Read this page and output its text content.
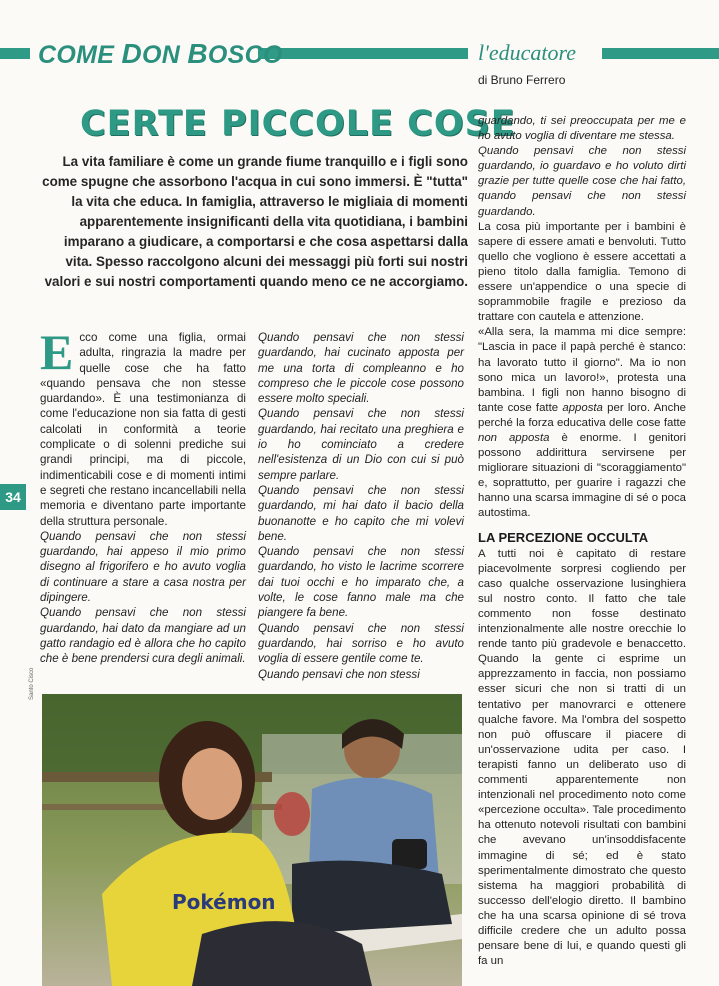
COME DON BOSCO	l'educatore
di Bruno Ferrero
CERTE PICCOLE COSE
La vita familiare è come un grande fiume tranquillo e i figli sono come spugne che assorbono l'acqua in cui sono immersi. È "tutta" la vita che educa. In famiglia, attraverso le migliaia di momenti apparentemente insignificanti della vita quotidiana, i bambini imparano a giudicare, a comportarsi e che cosa aspettarsi dalla vita. Spesso raccolgono alcuni dei messaggi più forti sui nostri valori e sui nostri comportamenti quando meno ce ne accorgiamo.
34
Santo Cisco
E cco come una figlia, ormai adulta, ringrazia la madre per quelle cose che ha fatto «quando pensava che non stesse guardando». È una testimonianza di come l'educazione non sia fatta di gesti calcolati in conformità a teorie complicate o di solenni prediche sui grandi principi, ma di piccole, indimenticabili cose e di momenti intimi e segreti che restano incancellabili nella memoria e diventano parte importante della struttura personale.

Quando pensavi che non stessi guardando, hai appeso il mio primo disegno al frigorifero e ho avuto voglia di continuare a stare a casa nostra per dipingere.

Quando pensavi che non stessi guardando, hai dato da mangiare ad un gatto randagio ed è allora che ho capito che è bene prendersi cura degli animali.

Quando pensavi che non stessi guardando, hai cucinato apposta per me una torta di compleanno e ho compreso che le piccole cose possono essere molto speciali.

Quando pensavi che non stessi guardando, hai recitato una preghiera e io ho cominciato a credere nell'esistenza di un Dio con cui si può sempre parlare.

Quando pensavi che non stessi guardando, mi hai dato il bacio della buonanotte e ho capito che mi volevi bene.

Quando pensavi che non stessi guardando, ho visto le lacrime scorrere dai tuoi occhi e ho imparato che, a volte, le cose fanno male ma che piangere fa bene.

Quando pensavi che non stessi guardando, hai sorriso e ho avuto voglia di essere gentile come te.

Quando pensavi che non stessi

guardando, ti sei preoccupata per me e ho avuto voglia di diventare me stessa.

Quando pensavi che non stessi guardando, io guardavo e ho voluto dirti grazie per tutte quelle cose che hai fatto, quando pensavi che non stessi guardando.

La cosa più importante per i bambini è sapere di essere amati e benvoluti. Tutto quello che vogliono è essere accettati a pieno titolo dalla famiglia. Temono di essere un'appendice o una specie di soprammobile fragile e prezioso da trattare con cautela e attenzione.

«Alla sera, la mamma mi dice sempre: "Lascia in pace il papà perché è stanco: ha lavorato tutto il giorno". Ma io non sono mica un lavoro!», protesta una bambina. I figli non hanno bisogno di tante cose fatte apposta per loro. Anche perché la forza educativa delle cose fatte non apposta è enorme. I genitori possono addirittura servirsene per migliorare situazioni di "scoraggiamento" e, soprattutto, per guarire i ragazzi che hanno una scarsa immagine di sé o poca autostima.

LA PERCEZIONE OCCULTA

A tutti noi è capitato di restare piacevolmente sorpresi cogliendo per caso qualche osservazione lusinghiera sul nostro conto. Il fatto che tale commento non fosse destinato intenzionalmente alle nostre orecchie lo rende tanto più gradevole e benaccetto. Quando la gente ci esprime un apprezzamento in faccia, non possiamo esser sicuri che non si tratti di un tentativo per manovrarci e ottenere qualche favore. Ma l'ombra del sospetto non può offuscare il piacere di un'osservazione udita per caso. I terapisti fanno un deliberato uso di commenti apparentemente non intenzionali nel procedimento noto come «percezione occulta». Tale procedimento ha ottenuto notevoli risultati con bambini che avevano un'insoddisfacente immagine di sé; ed è stato sperimentalmente dimostrato che questo sistema ha maggiori probabilità di successo dell'elogio diretto. Il bambino che ha una scarsa opinione di sé trova difficile credere che un adulto possa pensare bene di lui, e quando questi gli fa un

Pokémon
